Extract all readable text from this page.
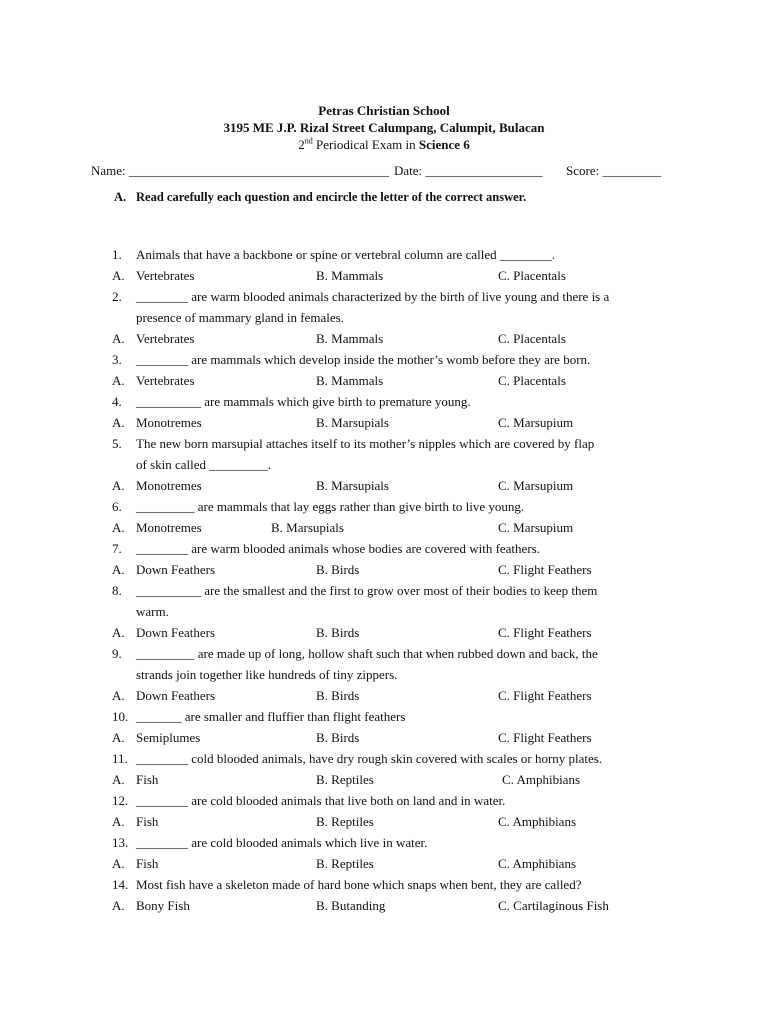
Petras Christian School
3195 ME J.P. Rizal Street Calumpang, Calumpit, Bulacan
2nd Periodical Exam in Science 6
Name: ________________________________________ Date: __________________ Score: _________
A. Read carefully each question and encircle the letter of the correct answer.
1. Animals that have a backbone or spine or vertebral column are called ________.
A. Vertebrates	B. Mammals	C. Placentals
2. ________ are warm blooded animals characterized by the birth of live young and there is a
presence of mammary gland in females.
A. Vertebrates	B. Mammals	C. Placentals
3. ________ are mammals which develop inside the mother’s womb before they are born.
A. Vertebrates	B. Mammals	C. Placentals
4. __________ are mammals which give birth to premature young.
A. Monotremes	B. Marsupials	C. Marsupium
5. The new born marsupial attaches itself to its mother’s nipples which are covered by flap
of skin called _________.
A. Monotremes	B. Marsupials	C. Marsupium
6. _________ are mammals that lay eggs rather than give birth to live young.
A. Monotremes	B. Marsupials	C. Marsupium
7. ________ are warm blooded animals whose bodies are covered with feathers.
A. Down Feathers	B. Birds	C. Flight Feathers
8. __________ are the smallest and the first to grow over most of their bodies to keep them
warm.
A. Down Feathers	B. Birds	C. Flight Feathers
9. _________ are made up of long, hollow shaft such that when rubbed down and back, the
strands join together like hundreds of tiny zippers.
A. Down Feathers	B. Birds	C. Flight Feathers
10. _______ are smaller and fluffier than flight feathers
A. Semiplumes	B. Birds	C. Flight Feathers
11. ________ cold blooded animals, have dry rough skin covered with scales or horny plates.
A. Fish	B. Reptiles	C. Amphibians
12. ________ are cold blooded animals that live both on land and in water.
A. Fish	B. Reptiles	C. Amphibians
13. ________ are cold blooded animals which live in water.
A. Fish	B. Reptiles	C. Amphibians
14. Most fish have a skeleton made of hard bone which snaps when bent, they are called?
A. Bony Fish	B. Butanding	C. Cartilaginous Fish
